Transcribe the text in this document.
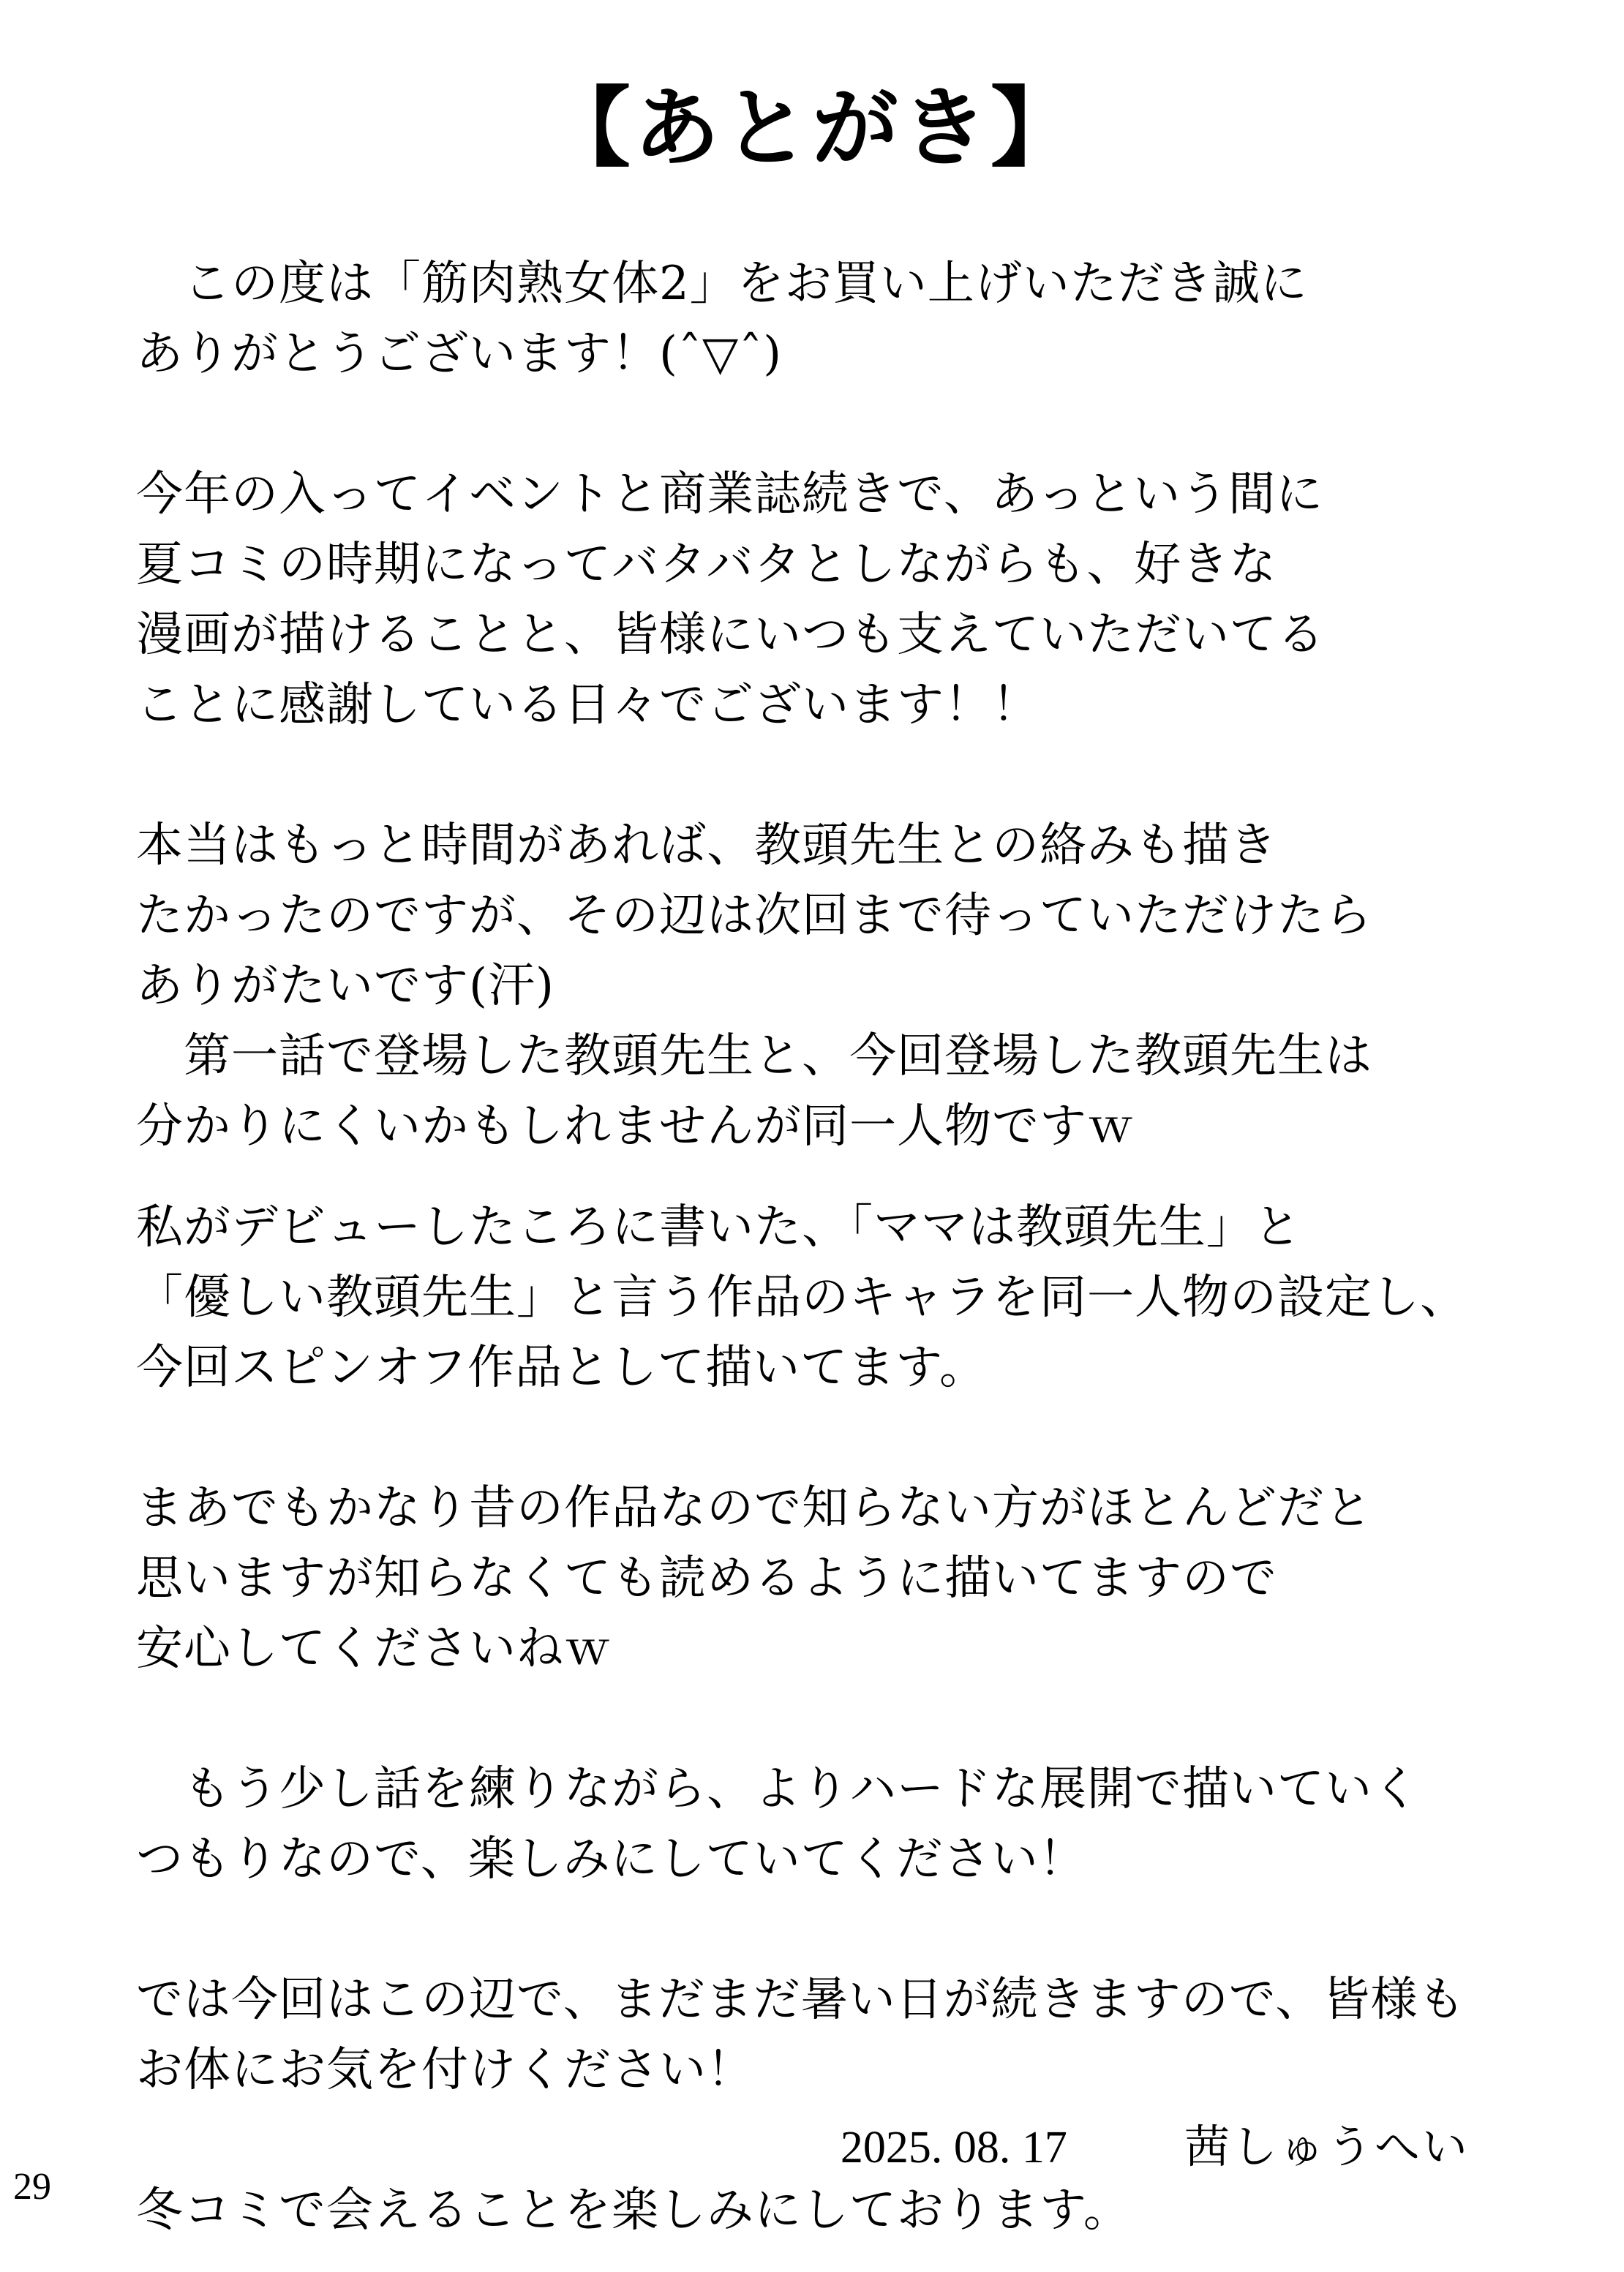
【あとがき】
　この度は「筋肉熟女体2」をお買い上げいただき誠に
ありがとうございます！(ˆ▽ˆ)
今年の入ってイベントと商業誌続きで、あっという間に
夏コミの時期になってバタバタとしながらも、好きな
漫画が描けることと、皆様にいつも支えていただいてる
ことに感謝している日々でございます！！
本当はもっと時間があれば、教頭先生との絡みも描き
たかったのですが、その辺は次回まで待っていただけたら
ありがたいです(汗)
　第一話で登場した教頭先生と、今回登場した教頭先生は
分かりにくいかもしれませんが同一人物ですｗ
私がデビューしたころに書いた、「ママは教頭先生」と
「優しい教頭先生」と言う作品のキャラを同一人物の設定し、
今回スピンオフ作品として描いてます。
まあでもかなり昔の作品なので知らない方がほとんどだと
思いますが知らなくても読めるように描いてますので
安心してくださいねｗ
　もう少し話を練りながら、よりハードな展開で描いていく
つもりなので、楽しみにしていてください！
では今回はこの辺で、まだまだ暑い日が続きますので、皆様も
お体にお気を付けください！
冬コミで会えることを楽しみにしております。

2025. 08. 17	茜しゅうへい

29
